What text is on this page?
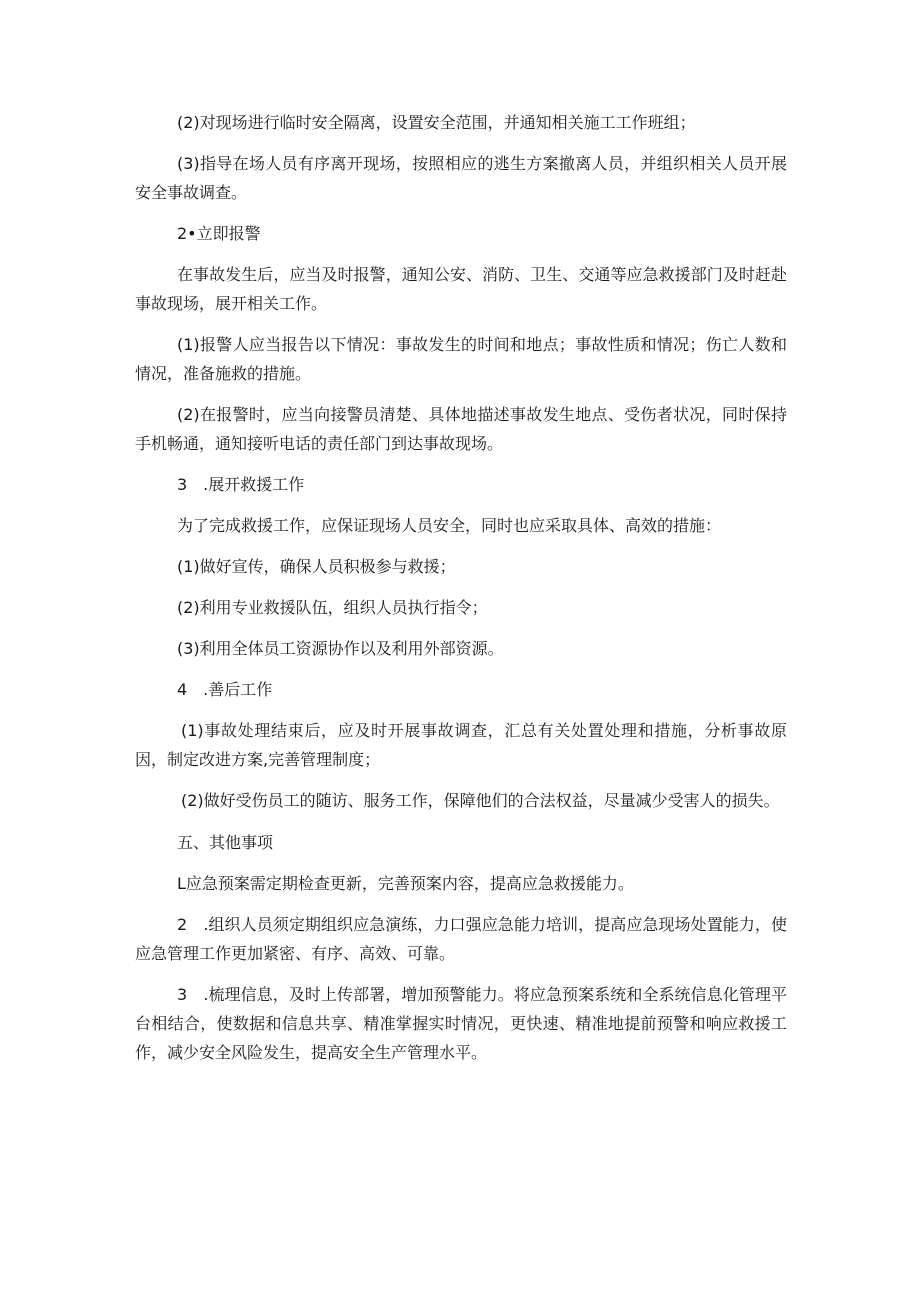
(2)对现场进行临时安全隔离，设置安全范围，并通知相关施工工作班组；

(3)指导在场人员有序离开现场，按照相应的逃生方案撤离人员，并组织相关人员开展安全事故调查。

2•立即报警

在事故发生后，应当及时报警，通知公安、消防、卫生、交通等应急救援部门及时赶赴事故现场，展开相关工作。

(1)报警人应当报告以下情况：事故发生的时间和地点；事故性质和情况；伤亡人数和情况，准备施救的措施。

(2)在报警时，应当向接警员清楚、具体地描述事故发生地点、受伤者状况，同时保持手机畅通，通知接听电话的责任部门到达事故现场。

3　.展开救援工作

为了完成救援工作，应保证现场人员安全，同时也应采取具体、高效的措施：

(1)做好宣传，确保人员积极参与救援；

(2)利用专业救援队伍，组织人员执行指令；

(3)利用全体员工资源协作以及利用外部资源。

4　.善后工作

(1)事故处理结束后，应及时开展事故调查，汇总有关处置处理和措施，分析事故原因，制定改进方案,完善管理制度；

(2)做好受伤员工的随访、服务工作，保障他们的合法权益，尽量减少受害人的损失。

五、其他事项

L应急预案需定期检查更新，完善预案内容，提高应急救援能力。

2　.组织人员须定期组织应急演练，力口强应急能力培训，提高应急现场处置能力，使应急管理工作更加紧密、有序、高效、可靠。

3　.梳理信息，及时上传部署，增加预警能力。将应急预案系统和全系统信息化管理平台相结合，使数据和信息共享、精准掌握实时情况，更快速、精准地提前预警和响应救援工作，减少安全风险发生，提高安全生产管理水平。
